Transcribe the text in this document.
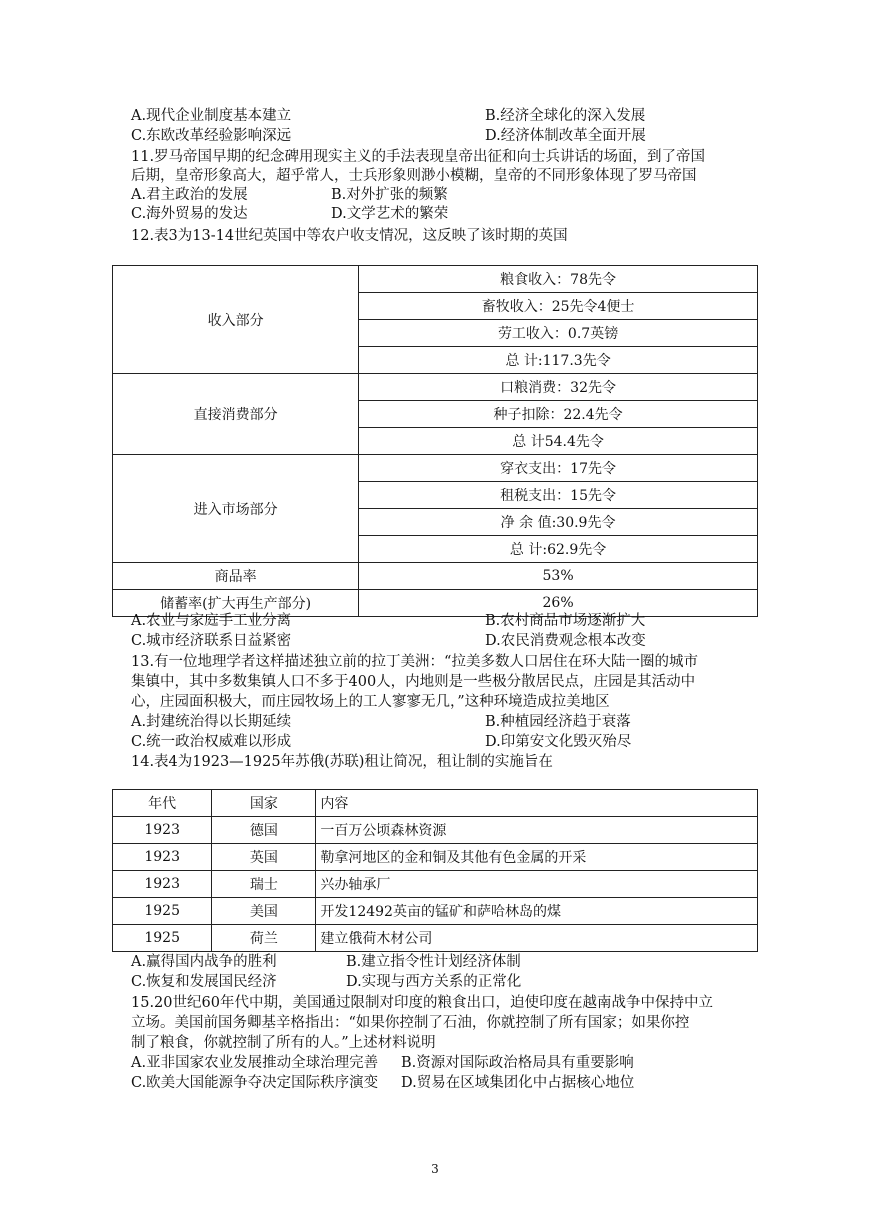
A.现代企业制度基本建立	B.经济全球化的深入发展
C.东欧改革经验影响深远	D.经济体制改革全面开展
11.罗马帝国早期的纪念碑用现实主义的手法表现皇帝出征和向士兵讲话的场面，到了帝国
后期，皇帝形象高大，超乎常人，士兵形象则渺小模糊，皇帝的不同形象体现了罗马帝国
A.君主政治的发展	B.对外扩张的频繁
C.海外贸易的发达	D.文学艺术的繁荣
12.表3为13-14世纪英国中等农户收支情况，这反映了该时期的英国
收入部分	粮食收入：78先令
	畜牧收入：25先令4便士
	劳工收入：0.7英镑
	总 计:117.3先令
直接消费部分	口粮消费：32先令
	种子扣除：22.4先令
	总 计54.4先令
进入市场部分	穿衣支出：17先令
	租税支出：15先令
	净 余 值:30.9先令
	总 计:62.9先令
商品率	53%
储蓄率(扩大再生产部分)	26%
A.农业与家庭手工业分离	B.农村商品市场逐渐扩大
C.城市经济联系日益紧密	D.农民消费观念根本改变
13.有一位地理学者这样描述独立前的拉丁美洲：“拉美多数人口居住在环大陆一圈的城市
集镇中，其中多数集镇人口不多于400人，内地则是一些极分散居民点，庄园是其活动中
心，庄园面积极大，而庄园牧场上的工人寥寥无几，”这种环境造成拉美地区
A.封建统治得以长期延续	B.种植园经济趋于衰落
C.统一政治权威难以形成	D.印第安文化毁灭殆尽
14.表4为1923—1925年苏俄(苏联)租让简况，租让制的实施旨在
年代	国家	内容
1923	德国	一百万公顷森林资源
1923	英国	勒拿河地区的金和铜及其他有色金属的开采
1923	瑞士	兴办轴承厂
1925	美国	开发12492英亩的锰矿和萨哈林岛的煤
1925	荷兰	建立俄荷木材公司
A.赢得国内战争的胜利	B.建立指令性计划经济体制
C.恢复和发展国民经济	D.实现与西方关系的正常化
15.20世纪60年代中期，美国通过限制对印度的粮食出口，迫使印度在越南战争中保持中立
立场。美国前国务卿基辛格指出：“如果你控制了石油，你就控制了所有国家；如果你控
制了粮食，你就控制了所有的人。”上述材料说明
A.亚非国家农业发展推动全球治理完善 B.资源对国际政治格局具有重要影响
C.欧美大国能源争夺决定国际秩序演变 D.贸易在区域集团化中占据核心地位
3
